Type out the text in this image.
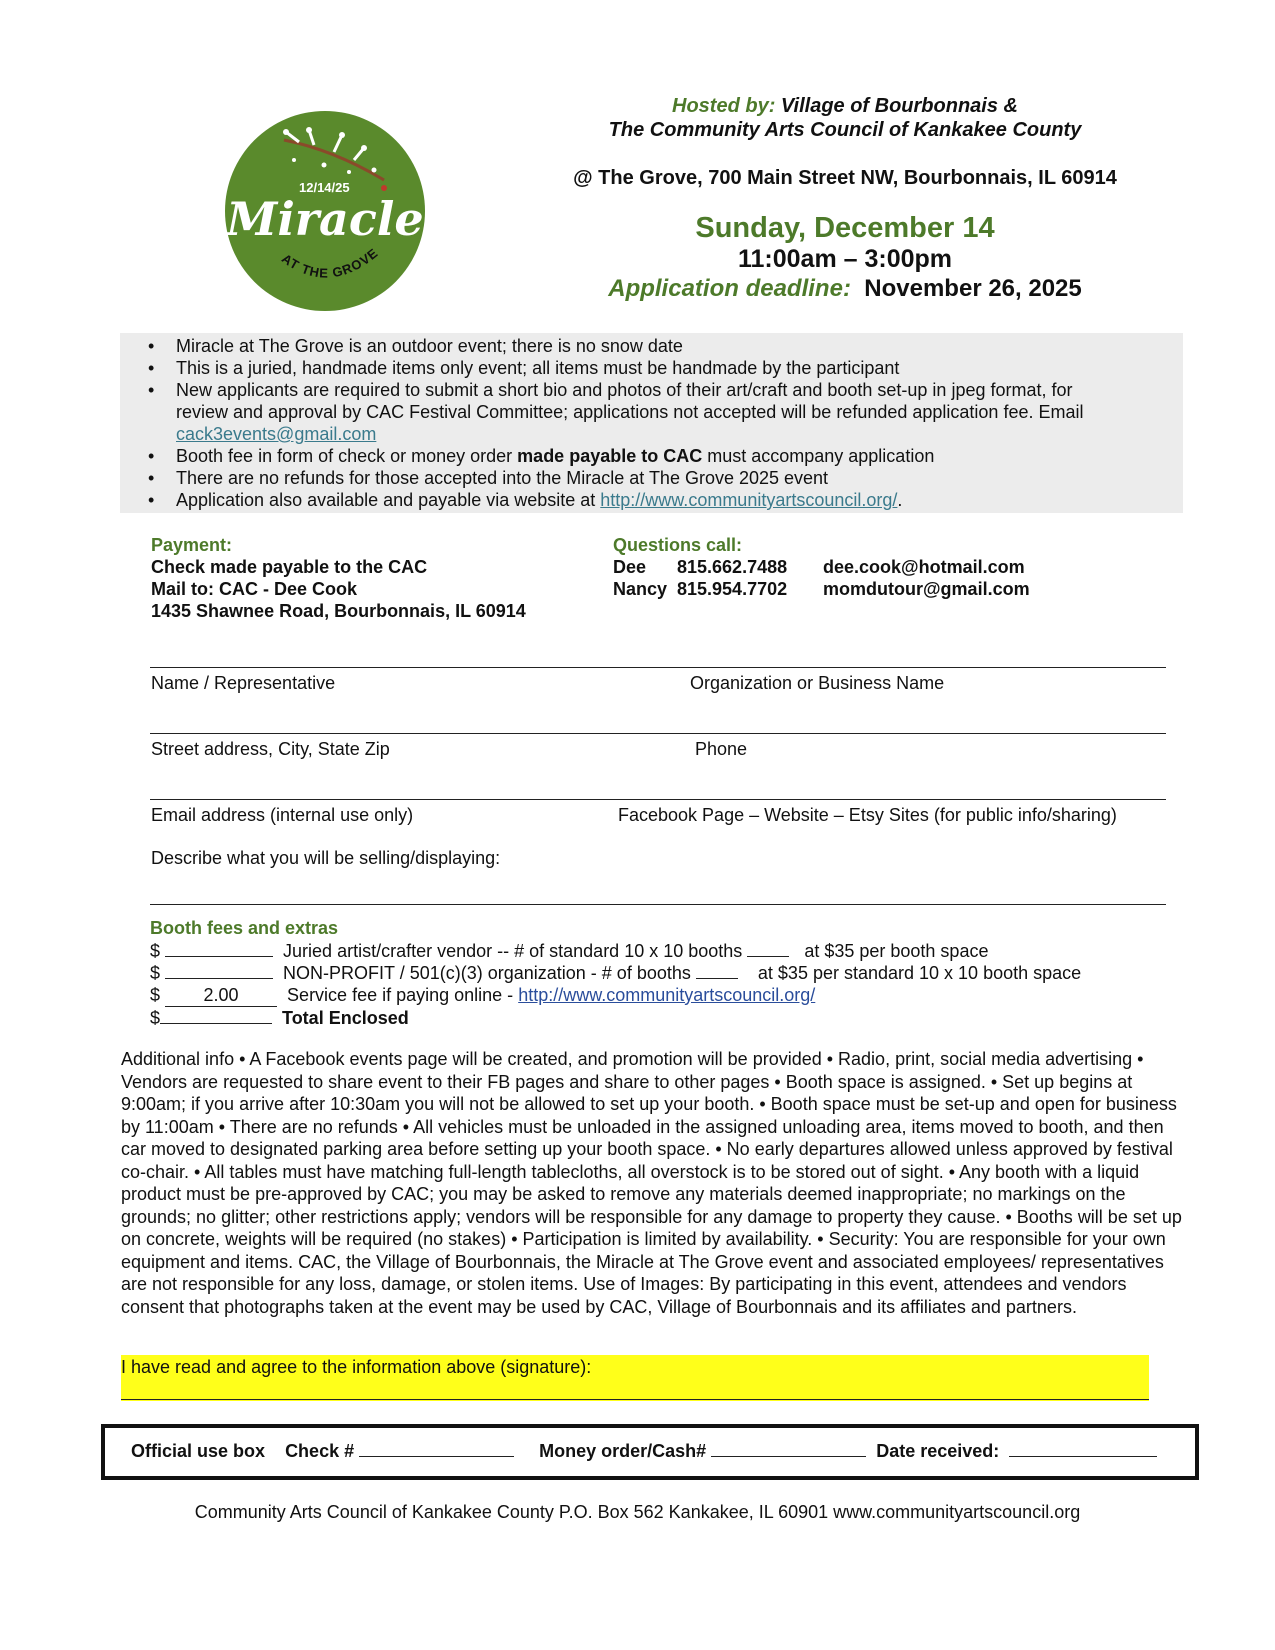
12/14/25
Miracle
AT THE GROVE
Hosted by: Village of Bourbonnais &
The Community Arts Council of Kankakee County
@ The Grove, 700 Main Street NW, Bourbonnais, IL 60914
Sunday, December 14
11:00am – 3:00pm
Application deadline: November 26, 2025
• Miracle at The Grove is an outdoor event; there is no snow date
• This is a juried, handmade items only event; all items must be handmade by the participant
• New applicants are required to submit a short bio and photos of their art/craft and booth set-up in jpeg format, for
review and approval by CAC Festival Committee; applications not accepted will be refunded application fee. Email
cack3events@gmail.com
• Booth fee in form of check or money order made payable to CAC must accompany application
• There are no refunds for those accepted into the Miracle at The Grove 2025 event
• Application also available and payable via website at http://www.communityartscouncil.org/.
Payment:
Check made payable to the CAC
Mail to: CAC - Dee Cook
1435 Shawnee Road, Bourbonnais, IL 60914
Questions call:
Dee 815.662.7488 dee.cook@hotmail.com
Nancy 815.954.7702 momdutour@gmail.com
Name / Representative	Organization or Business Name
Street address, City, State Zip	Phone
Email address (internal use only)	Facebook Page – Website – Etsy Sites (for public info/sharing)
Describe what you will be selling/displaying:
Booth fees and extras
$	Juried artist/crafter vendor -- # of standard 10 x 10 booths	at $35 per booth space
$	NON-PROFIT / 501(c)(3) organization - # of booths	at $35 per standard 10 x 10 booth space
$ 2.00	Service fee if paying online - http://www.communityartscouncil.org/
$	Total Enclosed
Additional info • A Facebook events page will be created, and promotion will be provided • Radio, print, social media advertising • Vendors are requested to share event to their FB pages and share to other pages • Booth space is assigned. • Set up begins at 9:00am; if you arrive after 10:30am you will not be allowed to set up your booth. • Booth space must be set-up and open for business by 11:00am • There are no refunds • All vehicles must be unloaded in the assigned unloading area, items moved to booth, and then car moved to designated parking area before setting up your booth space. • No early departures allowed unless approved by festival co-chair. • All tables must have matching full-length tablecloths, all overstock is to be stored out of sight. • Any booth with a liquid product must be pre-approved by CAC; you may be asked to remove any materials deemed inappropriate; no markings on the grounds; no glitter; other restrictions apply; vendors will be responsible for any damage to property they cause. • Booths will be set up on concrete, weights will be required (no stakes) • Participation is limited by availability. • Security: You are responsible for your own equipment and items. CAC, the Village of Bourbonnais, the Miracle at The Grove event and associated employees/ representatives are not responsible for any loss, damage, or stolen items. Use of Images: By participating in this event, attendees and vendors consent that photographs taken at the event may be used by CAC, Village of Bourbonnais and its affiliates and partners.
I have read and agree to the information above (signature):
Official use box Check #	Money order/Cash#	Date received:
Community Arts Council of Kankakee County P.O. Box 562 Kankakee, IL 60901 www.communityartscouncil.org
